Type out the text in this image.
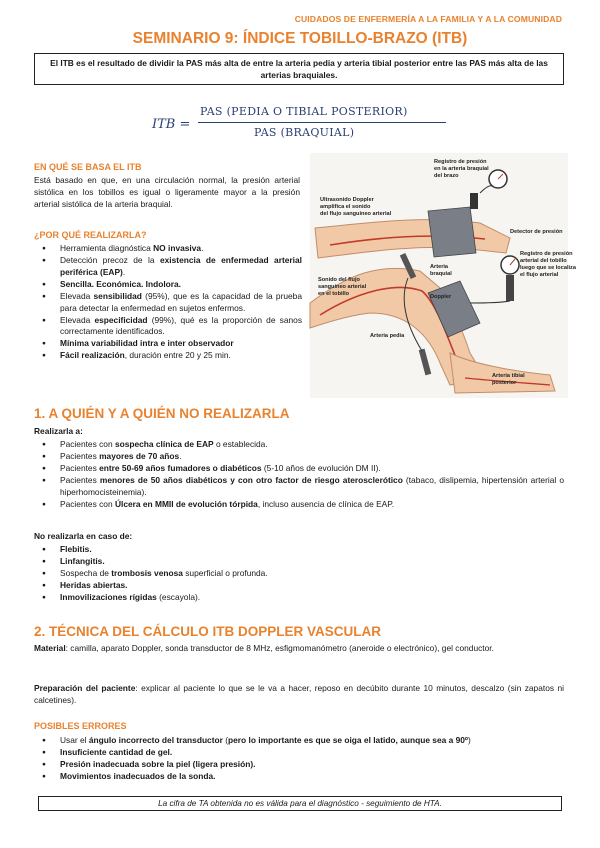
CUIDADOS DE ENFERMERÍA A LA FAMILIA Y A LA COMUNIDAD
SEMINARIO 9: ÍNDICE TOBILLO-BRAZO (ITB)
El ITB es el resultado de dividir la PAS más alta de entre la arteria pedia y arteria tibial posterior entre las PAS más alta de las arterias braquiales.
ITB =
PAS (PEDIA O TIBIAL POSTERIOR)
PAS (BRAQUIAL)
EN QUÉ SE BASA EL ITB
Está basado en que, en una circulación normal, la presión arterial sistólica en los tobillos es igual o ligeramente mayor a la presión arterial sistólica de la arteria braquial.
¿POR QUÉ REALIZARLA?
● Herramienta diagnóstica NO invasiva.
● Detección precoz de la existencia de enfermedad arterial periférica (EAP).
● Sencilla. Económica. Indolora.
● Elevada sensibilidad (95%), que es la capacidad de la prueba para detectar la enfermedad en sujetos enfermos.
● Elevada especificidad (99%), qué es la proporción de sanos correctamente identificados.
● Mínima variabilidad intra e inter observador
● Fácil realización, duración entre 20 y 25 min.
Registro de presión
en la arteria braquial
del brazo
Ultrasonido Doppler
amplifica el sonido
del flujo sanguíneo arterial
Detector de presión
Registro de presión
arterial del tobillo
luego que se localiza
el flujo arterial
Arteria
braquial
Sonido del flujo
sanguíneo arterial
en el tobillo	Doppler
Arteria pedia
Arteria tibial
posterior
1. A QUIÉN Y A QUIÉN NO REALIZARLA
Realizarla a:
● Pacientes con sospecha clínica de EAP o establecida.
● Pacientes mayores de 70 años.
● Pacientes entre 50-69 años fumadores o diabéticos (5-10 años de evolución DM II).
● Pacientes menores de 50 años diabéticos y con otro factor de riesgo aterosclerótico (tabaco, dislipemia, hipertensión arterial o hiperhomocisteinemia).
● Pacientes con Úlcera en MMII de evolución tórpida, incluso ausencia de clínica de EAP.
No realizarla en caso de:
● Flebitis.
● Linfangitis.
● Sospecha de trombosis venosa superficial o profunda.
● Heridas abiertas.
● Inmovilizaciones rígidas (escayola).
2. TÉCNICA DEL CÁLCULO ITB DOPPLER VASCULAR
Material: camilla, aparato Doppler, sonda transductor de 8 MHz, esfigmomanómetro (aneroide o electrónico), gel conductor.
Preparación del paciente: explicar al paciente lo que se le va a hacer, reposo en decúbito durante 10 minutos, descalzo (sin zapatos ni calcetines).
POSIBLES ERRORES
● Usar el ángulo incorrecto del transductor (pero lo importante es que se oiga el latido, aunque sea a 90º)
● Insuficiente cantidad de gel.
● Presión inadecuada sobre la piel (ligera presión).
● Movimientos inadecuados de la sonda.
La cifra de TA obtenida no es válida para el diagnóstico - seguimiento de HTA.
